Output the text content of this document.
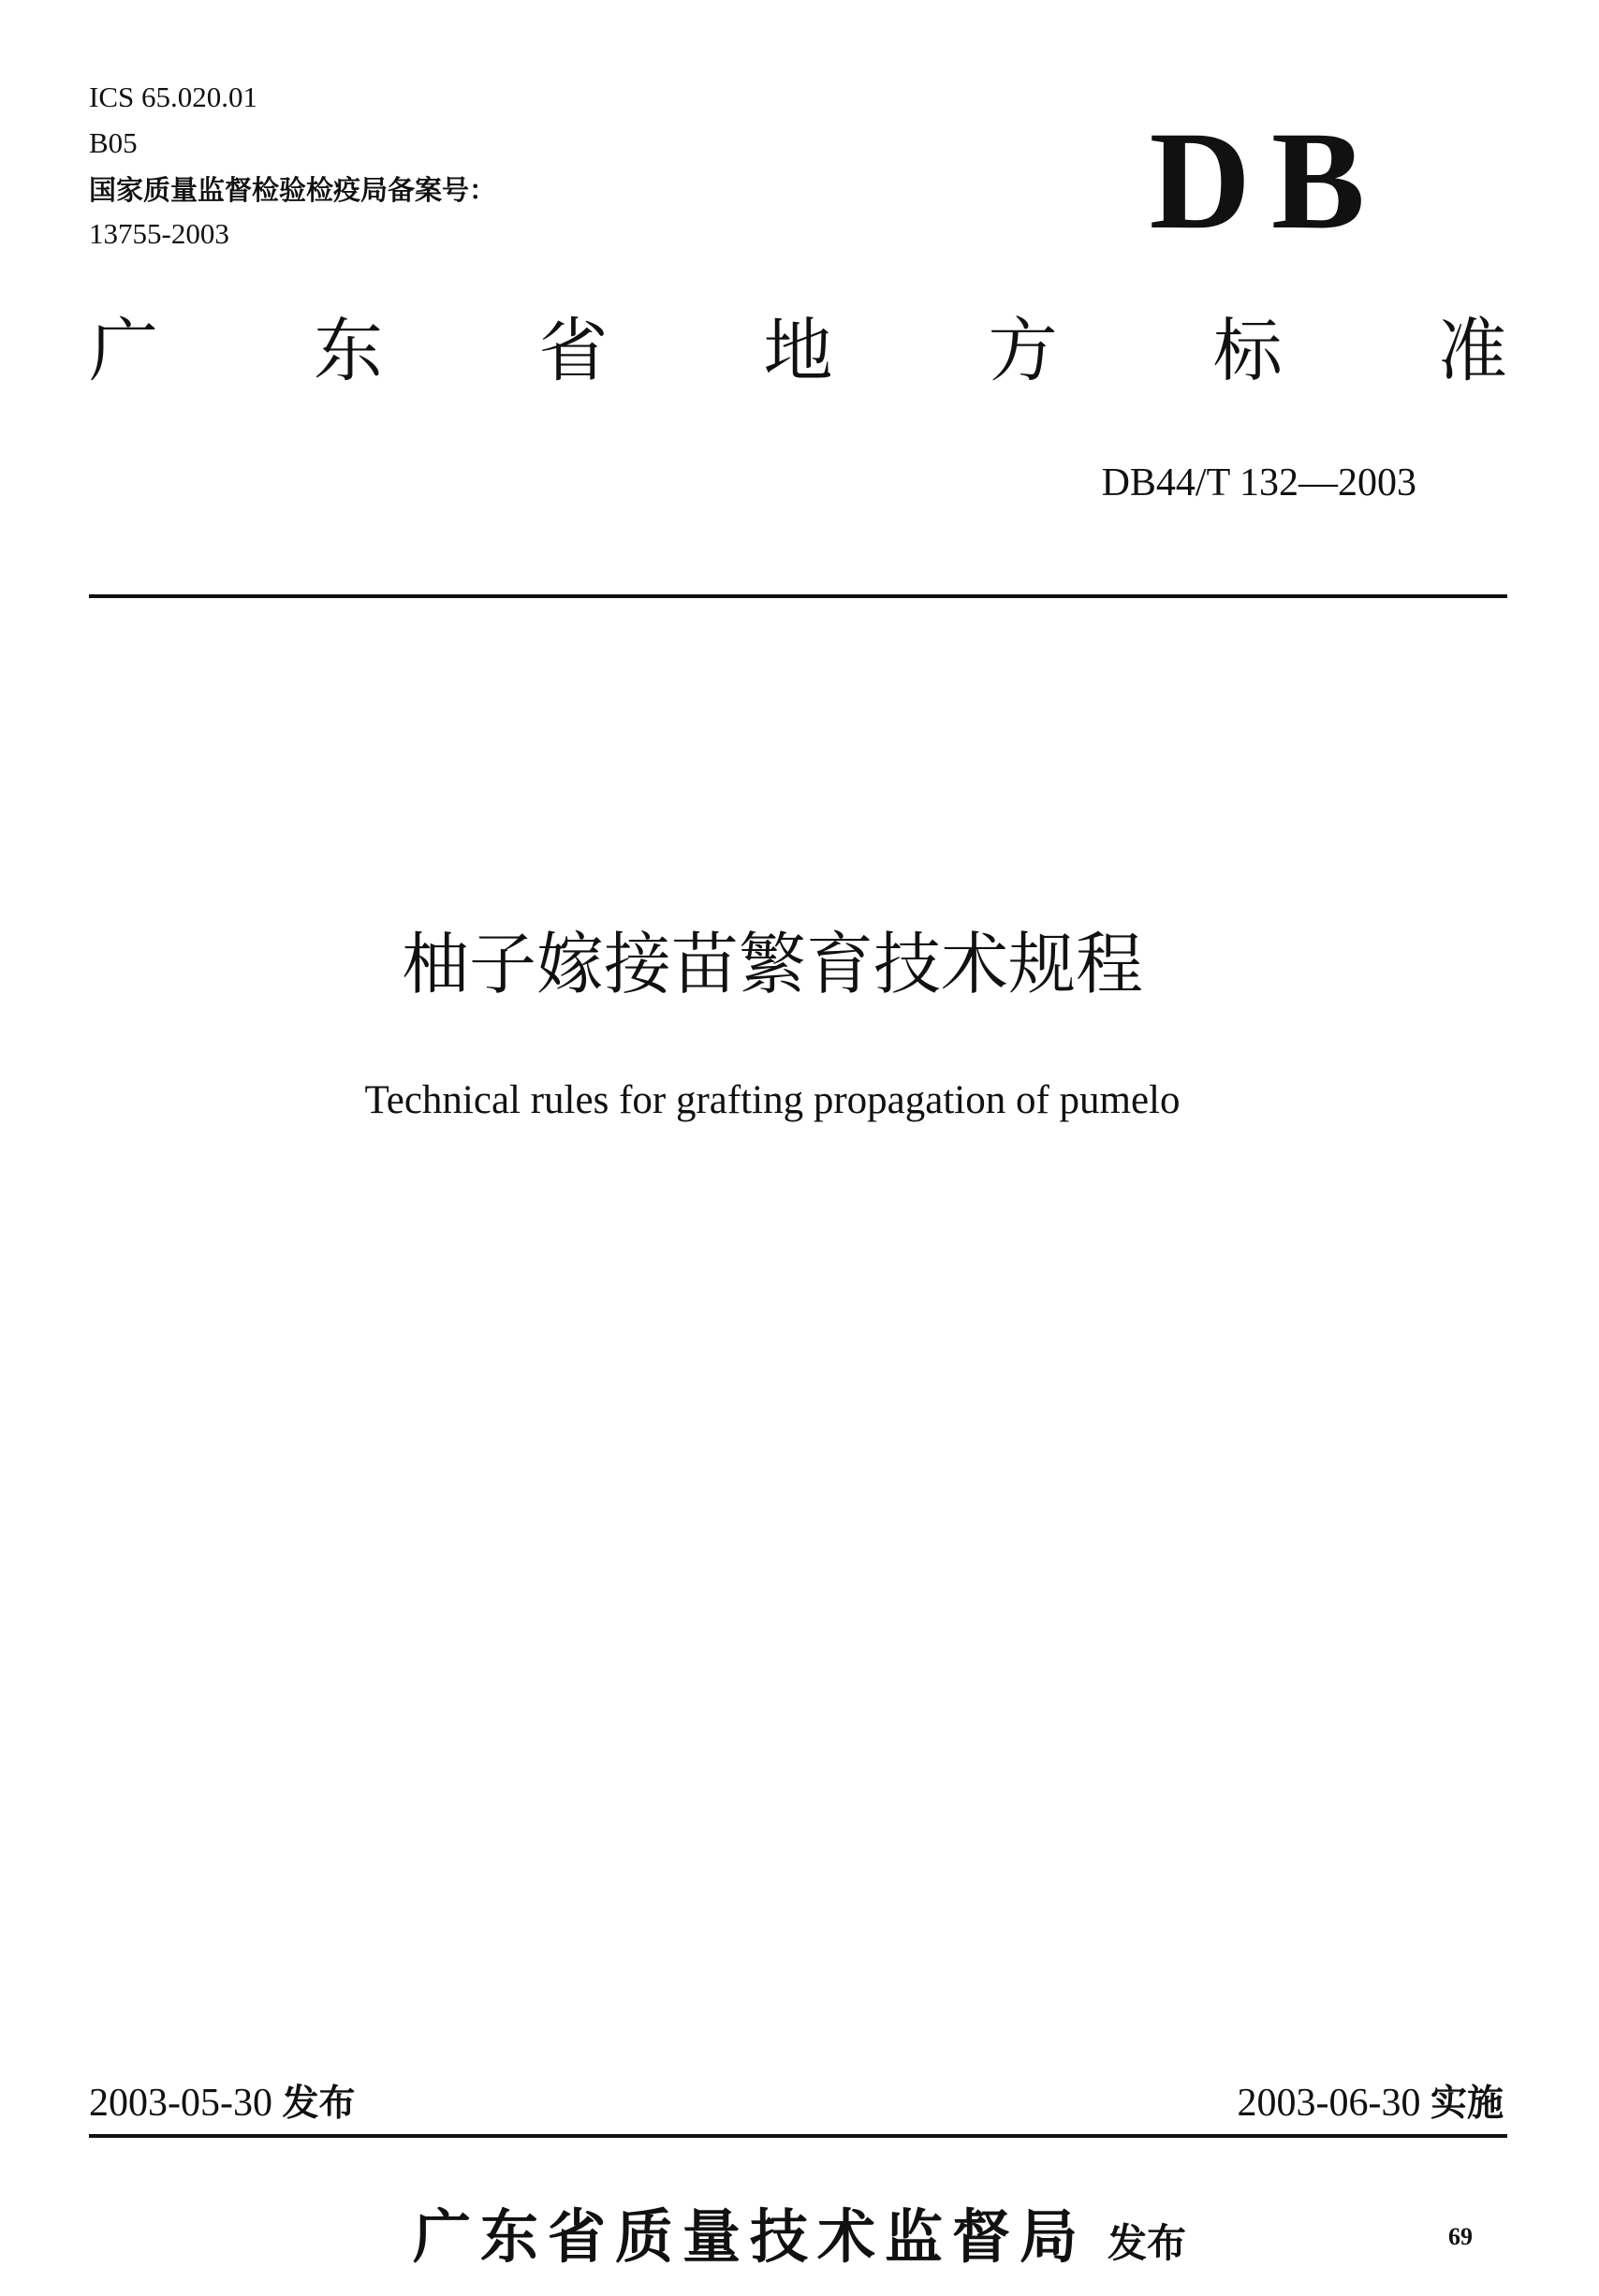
ICS 65.020.01
B05
国家质量监督检验检疫局备案号：
13755-2003	DB
广 东 省 地 方 标 准
DB44/T 132—2003
柚子嫁接苗繁育技术规程
Technical rules for grafting propagation of pumelo
2003-05-30 发布	2003-06-30 实施
广东省质量技术监督局 发布	69
